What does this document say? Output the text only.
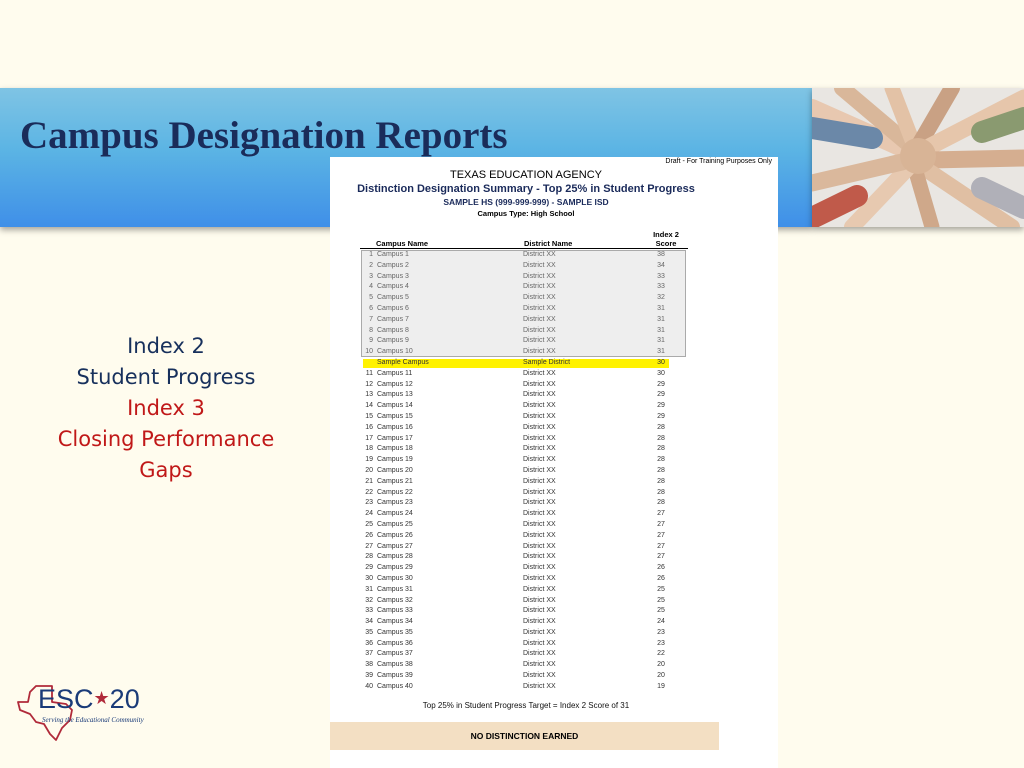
Campus Designation Reports
Index 2
Student Progress
Index 3
Closing Performance
Gaps
Draft - For Training Purposes Only
TEXAS EDUCATION AGENCY
Distinction Designation Summary - Top 25% in Student Progress
SAMPLE HS (999-999-999) - SAMPLE ISD
Campus Type: High School
Campus Name	District Name
Index 2
Score
1 Campus 1	District XX	38
2 Campus 2	District XX	34
3 Campus 3	District XX	33
4 Campus 4	District XX	33
5 Campus 5	District XX	32
6 Campus 6	District XX	31
7 Campus 7	District XX	31
8 Campus 8	District XX	31
9 Campus 9	District XX	31
10 Campus 10	District XX	31
Sample Campus	Sample District	30
11 Campus 11	District XX	30
12 Campus 12	District XX	29
13 Campus 13	District XX	29
14 Campus 14	District XX	29
15 Campus 15	District XX	29
16 Campus 16	District XX	28
17 Campus 17	District XX	28
18 Campus 18	District XX	28
19 Campus 19	District XX	28
20 Campus 20	District XX	28
21 Campus 21	District XX	28
22 Campus 22	District XX	28
23 Campus 23	District XX	28
24 Campus 24	District XX	27
25 Campus 25	District XX	27
26 Campus 26	District XX	27
27 Campus 27	District XX	27
28 Campus 28	District XX	27
29 Campus 29	District XX	26
30 Campus 30	District XX	26
31 Campus 31	District XX	25
32 Campus 32	District XX	25
33 Campus 33	District XX	25
34 Campus 34	District XX	24
35 Campus 35	District XX	23
36 Campus 36	District XX	23
37 Campus 37	District XX	22
38 Campus 38	District XX	20
39 Campus 39	District XX	20
40 Campus 40	District XX	19
Top 25% in Student Progress Target = Index 2 Score of 31
NO DISTINCTION EARNED
ESC★20
Serving the Educational Community
